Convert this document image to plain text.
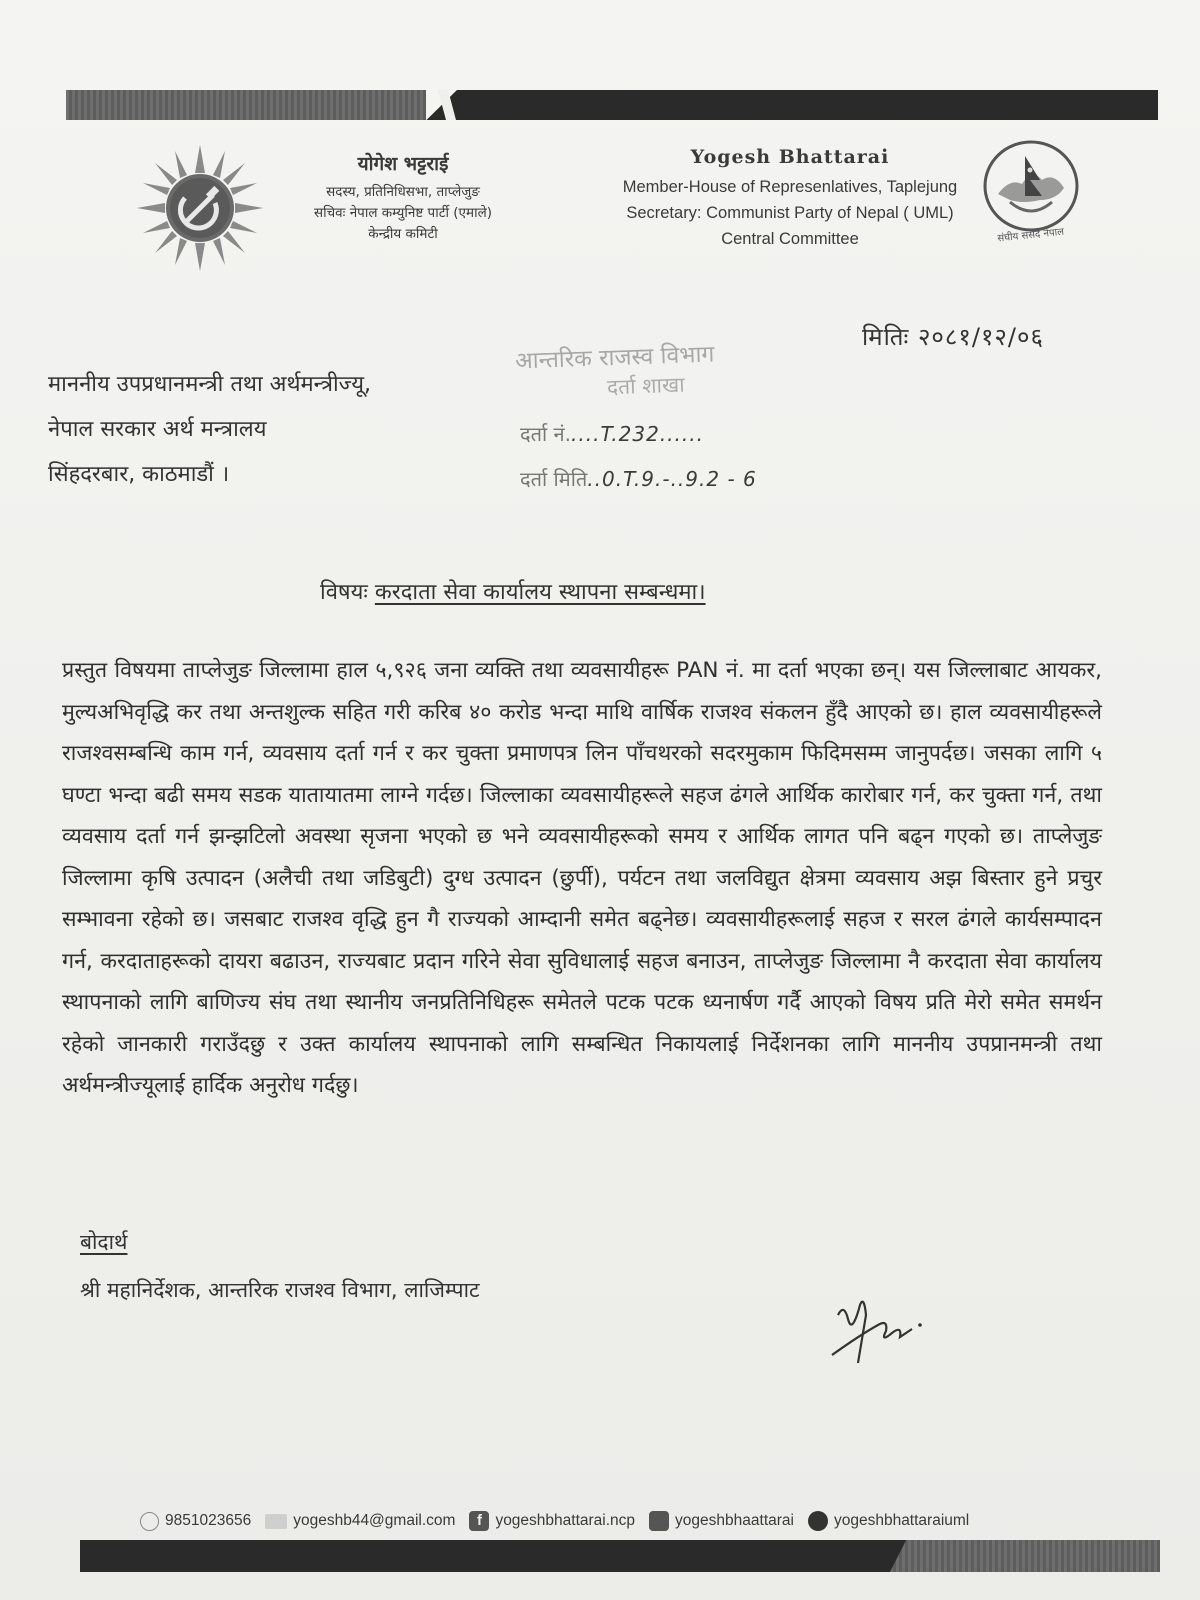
योगेश भट्टराई
सदस्य, प्रतिनिधिसभा, ताप्लेजुङ
सचिवः नेपाल कम्युनिष्ट पार्टी (एमाले)
केन्द्रीय कमिटी
Yogesh Bhattarai
Member-House of Represenlatives, Taplejung
Secretary: Communist Party of Nepal ( UML)
Central Committee	संघीय संसद नेपाल
मितिः २०८१/१२/०६
माननीय उपप्रधानमन्त्री तथा अर्थमन्त्रीज्यू,
नेपाल सरकार अर्थ मन्त्रालय
सिंहदरबार, काठमाडौं ।
आन्तरिक राजस्व विभाग
दर्ता शाखा
दर्ता नं.....T.232......
दर्ता मिति..0.T.9.-..9.2 - 6
विषयः करदाता सेवा कार्यालय स्थापना सम्बन्धमा।
प्रस्तुत विषयमा ताप्लेजुङ जिल्लामा हाल ५,९२६ जना व्यक्ति तथा व्यवसायीहरू PAN नं. मा दर्ता भएका छन्। यस जिल्लाबाट आयकर, मुल्यअभिवृद्धि कर तथा अन्तशुल्क सहित गरी करिब ४० करोड भन्दा माथि वार्षिक राजश्व संकलन हुँदै आएको छ। हाल व्यवसायीहरूले राजश्वसम्बन्धि काम गर्न, व्यवसाय दर्ता गर्न र कर चुक्ता प्रमाणपत्र लिन पाँचथरको सदरमुकाम फिदिमसम्म जानुपर्दछ। जसका लागि ५ घण्टा भन्दा बढी समय सडक यातायातमा लाग्ने गर्दछ। जिल्लाका व्यवसायीहरूले सहज ढंगले आर्थिक कारोबार गर्न, कर चुक्ता गर्न, तथा व्यवसाय दर्ता गर्न झन्झटिलो अवस्था सृजना भएको छ भने व्यवसायीहरूको समय र आर्थिक लागत पनि बढ्न गएको छ। ताप्लेजुङ जिल्लामा कृषि उत्पादन (अलैची तथा जडिबुटी) दुग्ध उत्पादन (छुर्पी), पर्यटन तथा जलविद्युत क्षेत्रमा व्यवसाय अझ बिस्तार हुने प्रचुर सम्भावना रहेको छ। जसबाट राजश्व वृद्धि हुन गै राज्यको आम्दानी समेत बढ्नेछ। व्यवसायीहरूलाई सहज र सरल ढंगले कार्यसम्पादन गर्न, करदाताहरूको दायरा बढाउन, राज्यबाट प्रदान गरिने सेवा सुविधालाई सहज बनाउन, ताप्लेजुङ जिल्लामा नै करदाता सेवा कार्यालय स्थापनाको लागि बाणिज्य संघ तथा स्थानीय जनप्रतिनिधिहरू समेतले पटक पटक ध्यनार्षण गर्दै आएको विषय प्रति मेरो समेत समर्थन रहेको जानकारी गराउँदछु र उक्त कार्यालय स्थापनाको लागि सम्बन्धित निकायलाई निर्देशनका लागि माननीय उपप्रानमन्त्री तथा अर्थमन्त्रीज्यूलाई हार्दिक अनुरोध गर्दछु।
बोदार्थ
श्री महानिर्देशक, आन्तरिक राजश्व विभाग, लाजिम्पाट
9851023656	yogeshb44@gmail.com	f yogeshbhattarai.ncp	yogeshbhaattarai	yogeshbhattaraiuml
